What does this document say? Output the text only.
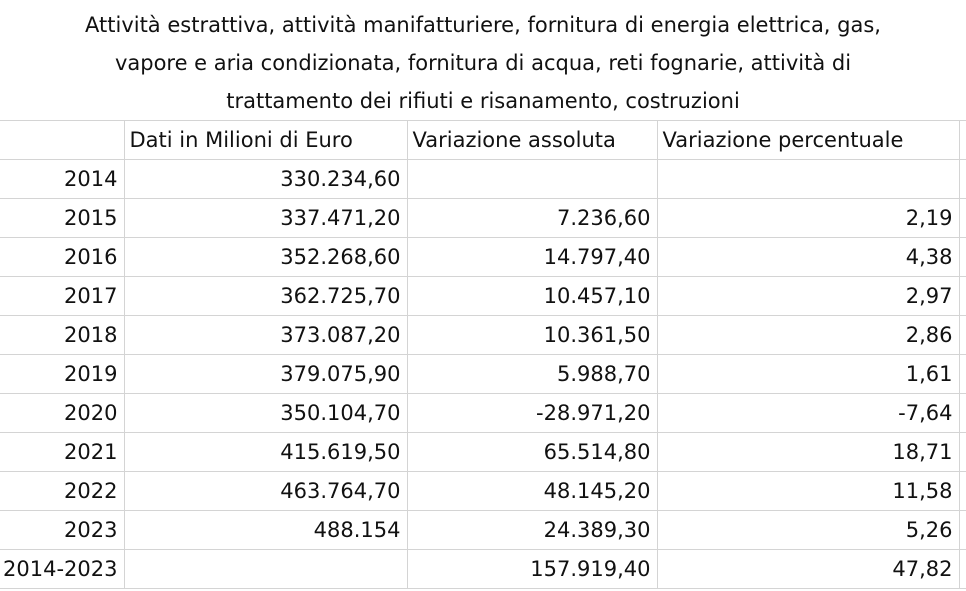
Attività estrattiva, attività manifatturiere, fornitura di energia elettrica, gas,
vapore e aria condizionata, fornitura di acqua, reti fognarie, attività di
trattamento dei rifiuti e risanamento, costruzioni
	Dati in Milioni di Euro	Variazione assoluta	Variazione percentuale	
2014	330.234,60			
2015	337.471,20	7.236,60	2,19	
2016	352.268,60	14.797,40	4,38	
2017	362.725,70	10.457,10	2,97	
2018	373.087,20	10.361,50	2,86	
2019	379.075,90	5.988,70	1,61	
2020	350.104,70	-28.971,20	-7,64	
2021	415.619,50	65.514,80	18,71	
2022	463.764,70	48.145,20	11,58	
2023	488.154	24.389,30	5,26	
2014-2023		157.919,40	47,82	
